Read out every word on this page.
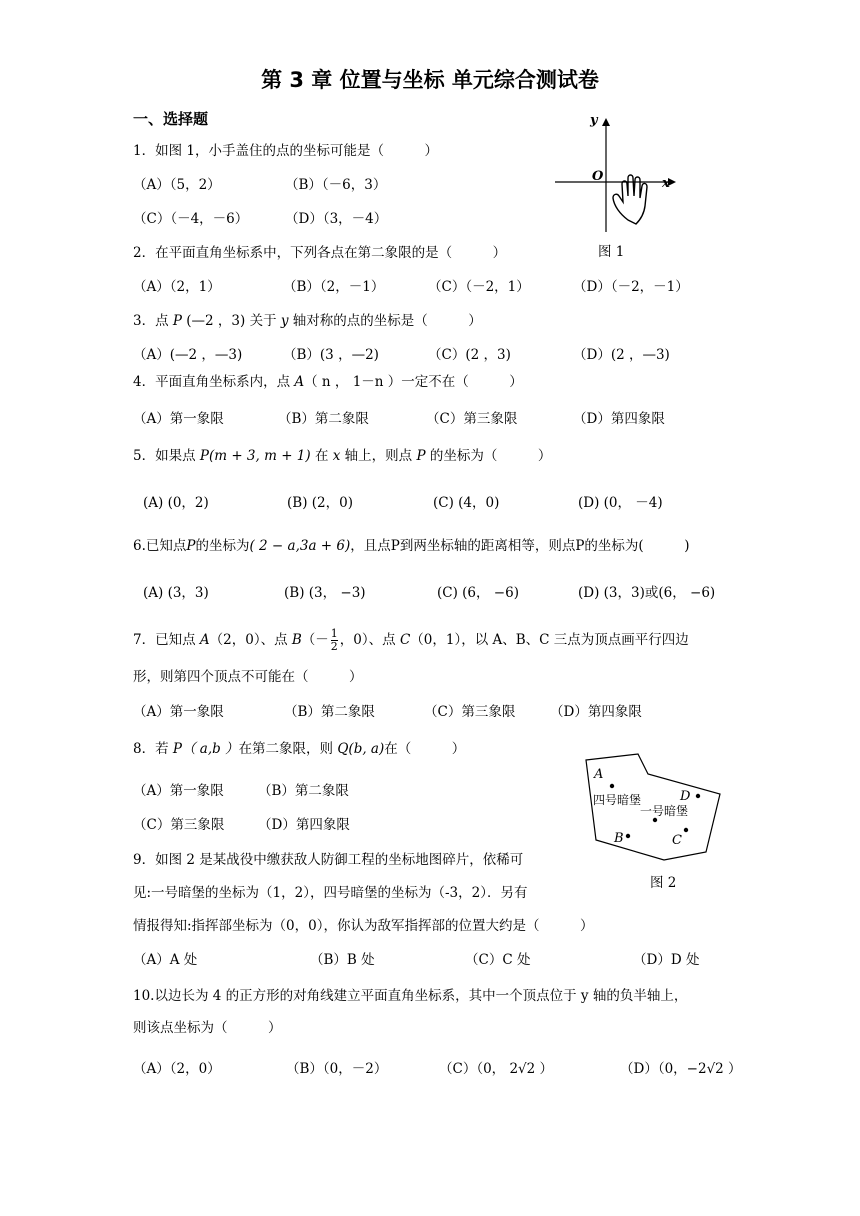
第 3 章 位置与坐标 单元综合测试卷
一、选择题	y
x
O
图 1
1．如图 1，小手盖住的点的坐标可能是（　　　）
（A）（5，2）	（B）（－6，3）
（C）（－4，－6）	（D）（3，－4）
2．在平面直角坐标系中，下列各点在第二象限的是（　　　）
（A）（2，1）	（B）（2，－1）	（C）（－2，1）	（D）（－2，－1）
3．点 P (—2 ，3) 关于 y 轴对称的点的坐标是（　　　）
（A）(—2 ，—3)	（B）(3 ，—2)	（C）(2 ，3)	（D）(2 ，—3)
4．平面直角坐标系内，点 A（ n ， 1－n ）一定不在（　　　）
（A）第一象限	（B）第二象限	（C）第三象限	（D）第四象限
5．如果点 P(m + 3, m + 1) 在 x 轴上，则点 P 的坐标为（　　　）
(A) (0，2)	(B) (2，0)	(C) (4，0)	(D) (0， －4)
6.已知点P的坐标为( 2 − a,3a + 6)，且点P到两坐标轴的距离相等，则点P的坐标为(　　　)
(A) (3，3)	(B) (3， −3)	(C) (6， −6)	(D) (3，3)或(6， −6)
7．已知点 A（2，0）、点 $B(- \frac{1}{2}$ ，0）、点 C（0，1），以 A、B、C 三点为顶点画平行四边
形，则第四个顶点不可能在（　　　）
（A）第一象限	（B）第二象限	（C）第三象限	（D）第四象限
8．若 P（ a,b ）在第二象限，则 Q(b, a)在（　　　）
（A）第一象限	（B）第二象限
（C）第三象限 （D）第四象限
A
四号暗堡	D
一号暗堡
B	C
图 2
9．如图 2 是某战役中缴获敌人防御工程的坐标地图碎片，依稀可
见:一号暗堡的坐标为（1，2），四号暗堡的坐标为（-3，2）．另有
情报得知:指挥部坐标为（0，0），你认为敌军指挥部的位置大约是（　　　）
（A）A 处	（B）B 处	（C）C 处	（D）D 处
10.以边长为 4 的正方形的对角线建立平面直角坐标系，其中一个顶点位于 y 轴的负半轴上，
则该点坐标为（　　　）
（A）（2，0）	（B）（0，－2）	（C）（0， 2√2 ）	（D）（0，−2√2 ）
